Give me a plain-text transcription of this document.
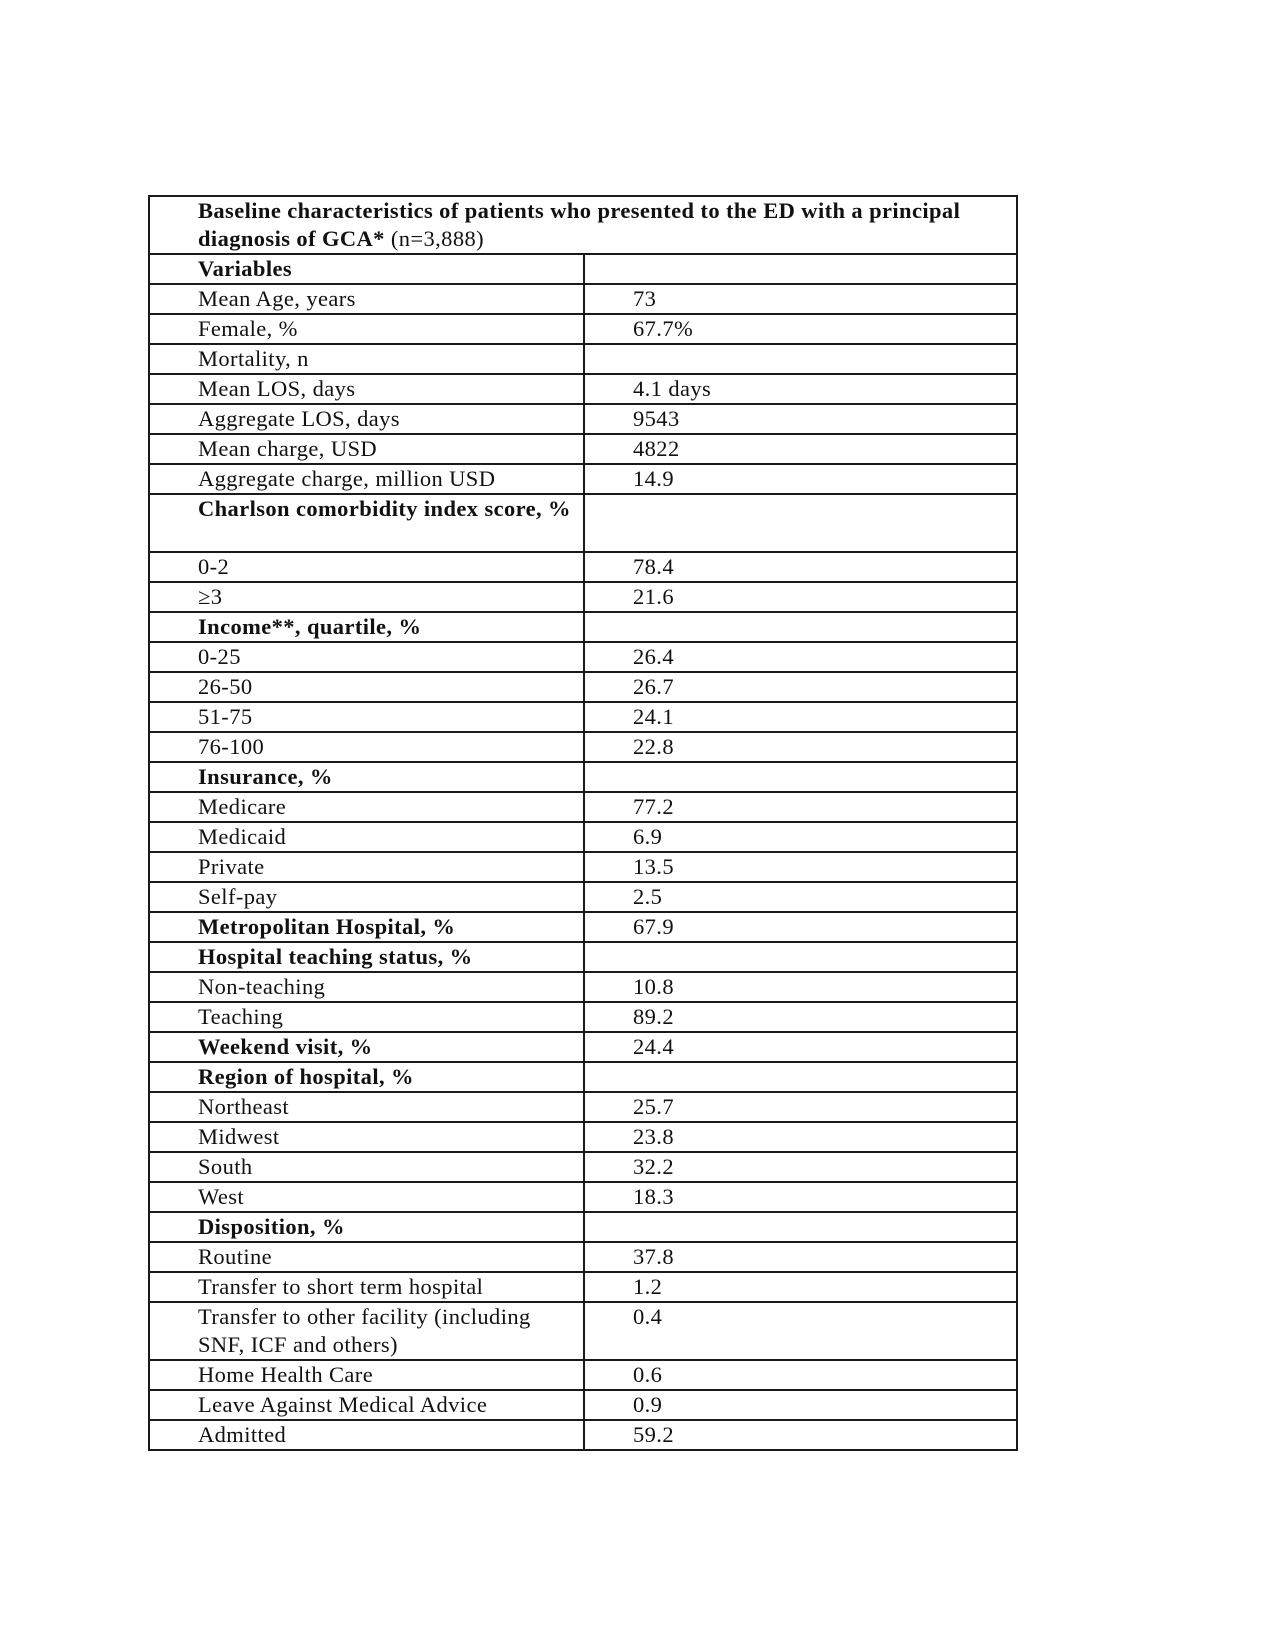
Baseline characteristics of patients who presented to the ED with a principal diagnosis of GCA* (n=3,888)	
Variables	
Mean Age, years	73
Female, %	67.7%
Mortality, n	
Mean LOS, days	4.1 days
Aggregate LOS, days	9543
Mean charge, USD	4822
Aggregate charge, million USD	14.9
Charlson comorbidity index score, %	
0-2	78.4
≥3	21.6
Income**, quartile, %	
0-25	26.4
26-50	26.7
51-75	24.1
76-100	22.8
Insurance, %	
Medicare	77.2
Medicaid	6.9
Private	13.5
Self-pay	2.5
Metropolitan Hospital, %	67.9
Hospital teaching status, %	
Non-teaching	10.8
Teaching	89.2
Weekend visit, %	24.4
Region of hospital, %	
Northeast	25.7
Midwest	23.8
South	32.2
West	18.3
Disposition, %	
Routine	37.8
Transfer to short term hospital	1.2
Transfer to other facility (including SNF, ICF and others)	0.4
Home Health Care	0.6
Leave Against Medical Advice	0.9
Admitted	59.2
